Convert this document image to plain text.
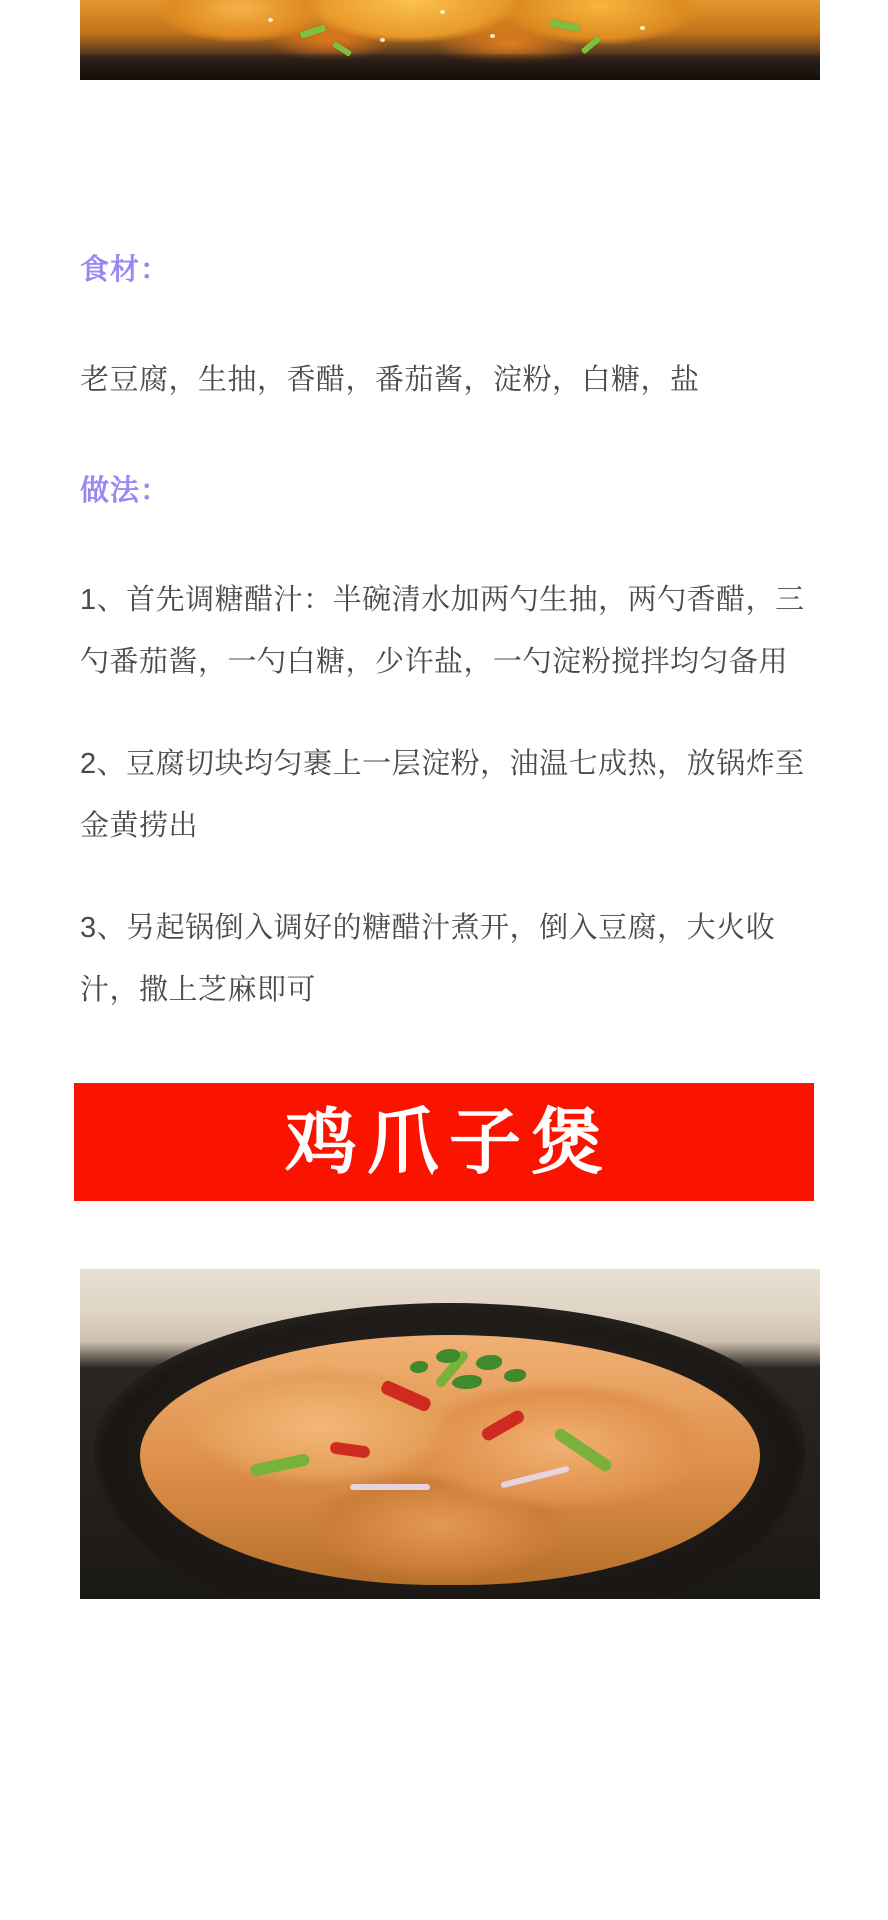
食材：
老豆腐，生抽，香醋，番茄酱，淀粉，白糖，盐
做法：
1、首先调糖醋汁：半碗清水加两勺生抽，两勺香醋，三勺番茄酱，一勺白糖，少许盐，一勺淀粉搅拌均匀备用
2、豆腐切块均匀裹上一层淀粉，油温七成热，放锅炸至金黄捞出
3、另起锅倒入调好的糖醋汁煮开，倒入豆腐，大火收汁，撒上芝麻即可
鸡爪子煲
